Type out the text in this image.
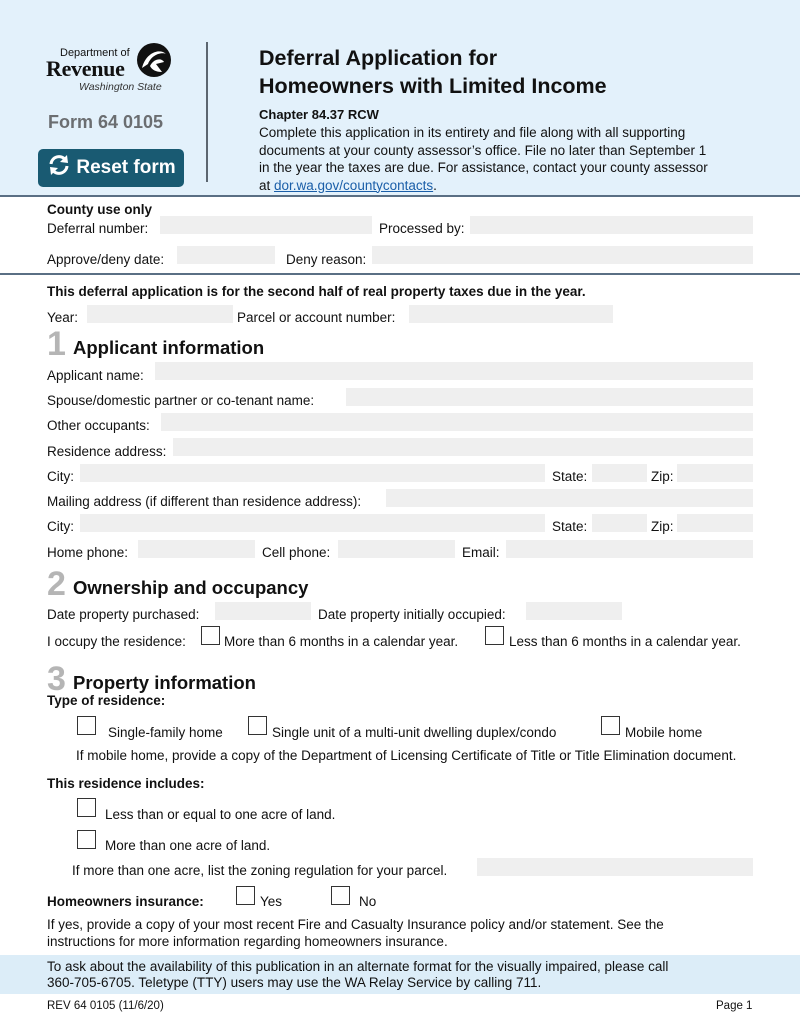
Department of
Revenue
Washington State
Form 64 0105
Reset form
Deferral Application for
Homeowners with Limited Income
Chapter 84.37 RCW
Complete this application in its entirety and file along with all supporting documents at your county assessor’s office. File no later than September 1 in the year the taxes are due. For assistance, contact your county assessor at dor.wa.gov/countycontacts.
County use only
Deferral number:	Processed by:
Approve/deny date:	Deny reason:
This deferral application is for the second half of real property taxes due in the year.
Year:	Parcel or account number:
1 Applicant information
Applicant name:
Spouse/domestic partner or co-tenant name:
Other occupants:
Residence address:
City:	State:	Zip:
Mailing address (if different than residence address):
City:	State:	Zip:
Home phone:	Cell phone:	Email:
2 Ownership and occupancy
Date property purchased:	Date property initially occupied:
I occupy the residence:	More than 6 months in a calendar year.	Less than 6 months in a calendar year.
3 Property information
Type of residence:
Single-family home	Single unit of a multi-unit dwelling duplex/condo	Mobile home
If mobile home, provide a copy of the Department of Licensing Certificate of Title or Title Elimination document.
This residence includes:
Less than or equal to one acre of land.
More than one acre of land.
If more than one acre, list the zoning regulation for your parcel.
Homeowners insurance:	Yes	No
If yes, provide a copy of your most recent Fire and Casualty Insurance policy and/or statement. See the
instructions for more information regarding homeowners insurance.
To ask about the availability of this publication in an alternate format for the visually impaired, please call
360-705-6705. Teletype (TTY) users may use the WA Relay Service by calling 711.
REV 64 0105 (11/6/20)	Page 1
